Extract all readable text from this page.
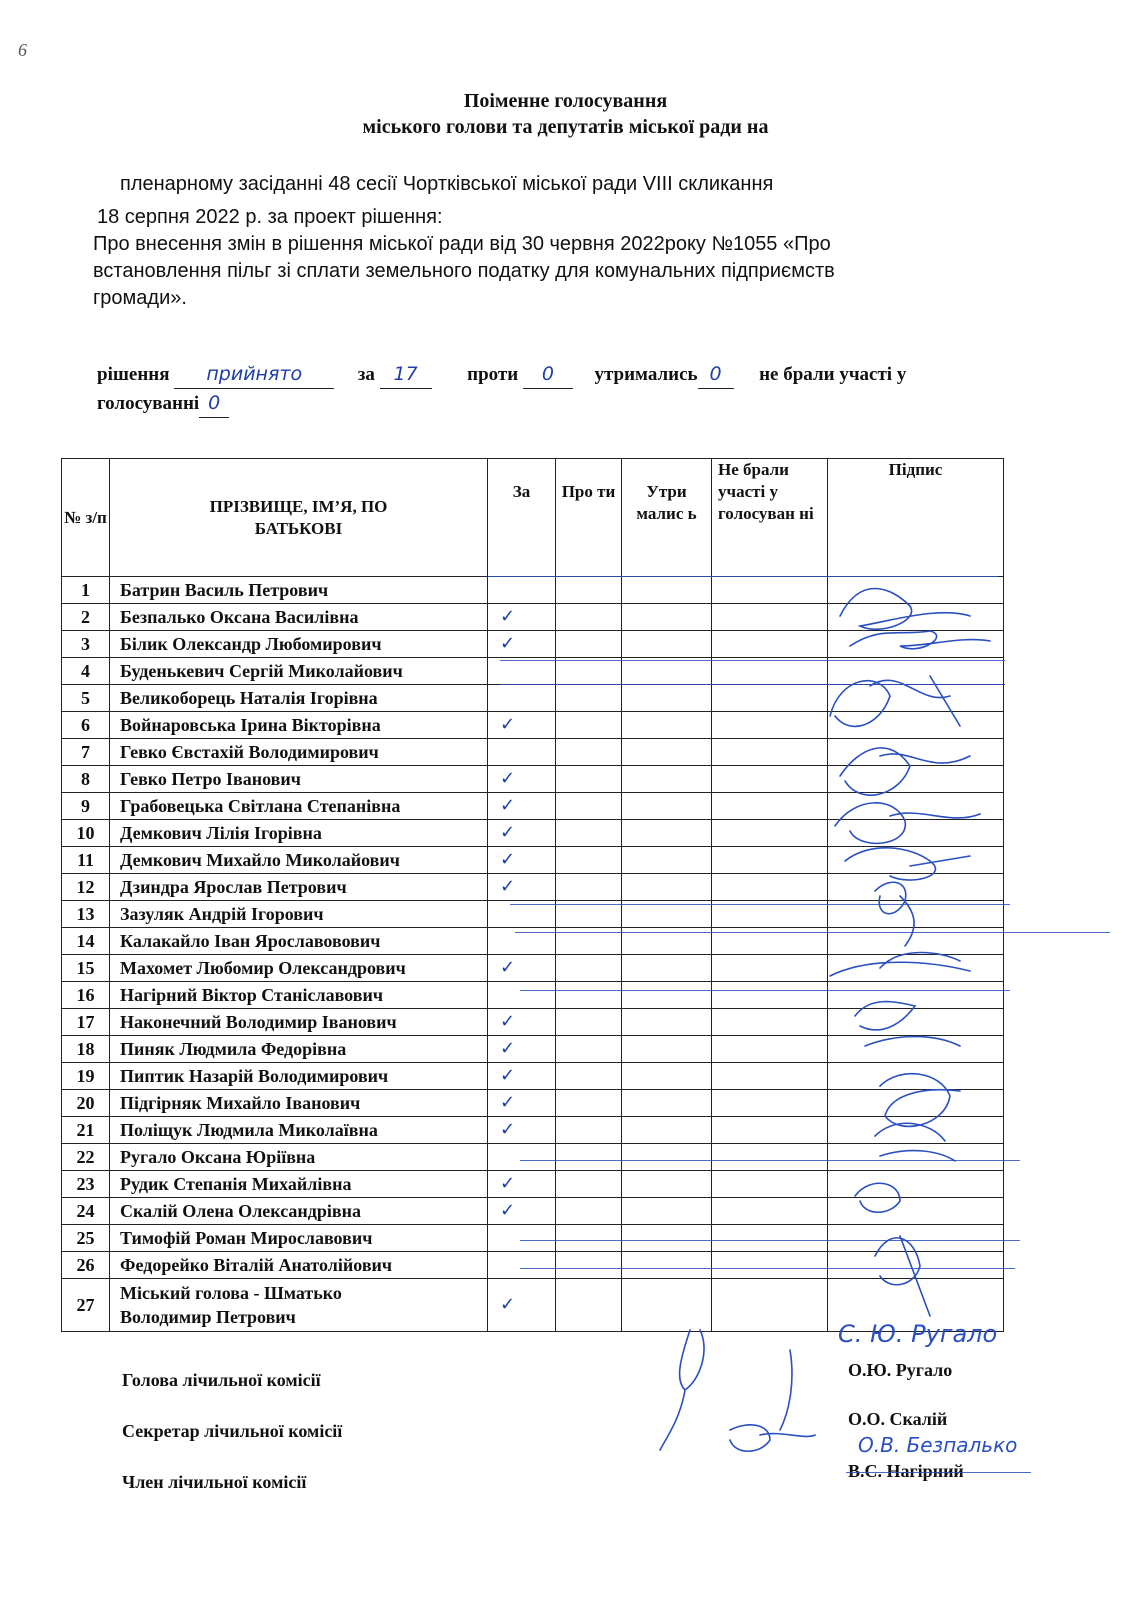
6
Поіменне голосування
міського голови та депутатів міської ради на
пленарному засіданні 48 сесії Чортківської міської ради VIII скликання
18 серпня 2022 р. за проект рішення:

Про внесення змін в рішення міської ради від 30 червня 2022року №1055 «Про

встановлення пільг зі сплати земельного податку для комунальних підприємств

громади».

рішення прийнято	за 17	проти 0 утримались 0 не брали участі у
голосуванні 0
№ з/п	ПРІЗВИЩЕ, ІМ’Я, ПО БАТЬКОВІ	За	Про ти	Утри малис ь	Не брали участі у голосуван ні	Підпис
1	Батрин Василь Петрович					
2	Безпалько Оксана Василівна	✓				
3	Білик Олександр Любомирович	✓				
4	Буденькевич Сергій Миколайович					
5	Великоборець Наталія Ігорівна					
6	Войнаровська Ірина Вікторівна	✓				
7	Гевко Євстахій Володимирович					
8	Гевко Петро Іванович	✓				
9	Грабовецька Світлана Степанівна	✓				
10	Демкович Лілія Ігорівна	✓				
11	Демкович Михайло Миколайович	✓				
12	Дзиндра Ярослав Петрович	✓				
13	Зазуляк Андрій Ігорович					
14	Калакайло Іван Ярославовович					
15	Махомет Любомир Олександрович	✓				
16	Нагірний Віктор Станіславович					
17	Наконечний Володимир Іванович	✓				
18	Пиняк Людмила Федорівна	✓				
19	Пиптик Назарій Володимирович	✓				
20	Підгірняк Михайло Іванович	✓				
21	Поліщук Людмила Миколаївна	✓				
22	Ругало Оксана Юріївна					
23	Рудик Степанія Михайлівна	✓				
24	Скалій Олена Олександрівна	✓				
25	Тимофій Роман Мирославович					
26	Федорейко Віталій Анатолійович					
27	Міський голова - Шматько
Володимир Петрович	✓				
Голова лічильної комісії
Секретар лічильної комісії
Член лічильної комісії
О.Ю. Ругало
О.О. Скалій
В.С. Нагірний
С. Ю. Ругало
О.В. Безпалько
